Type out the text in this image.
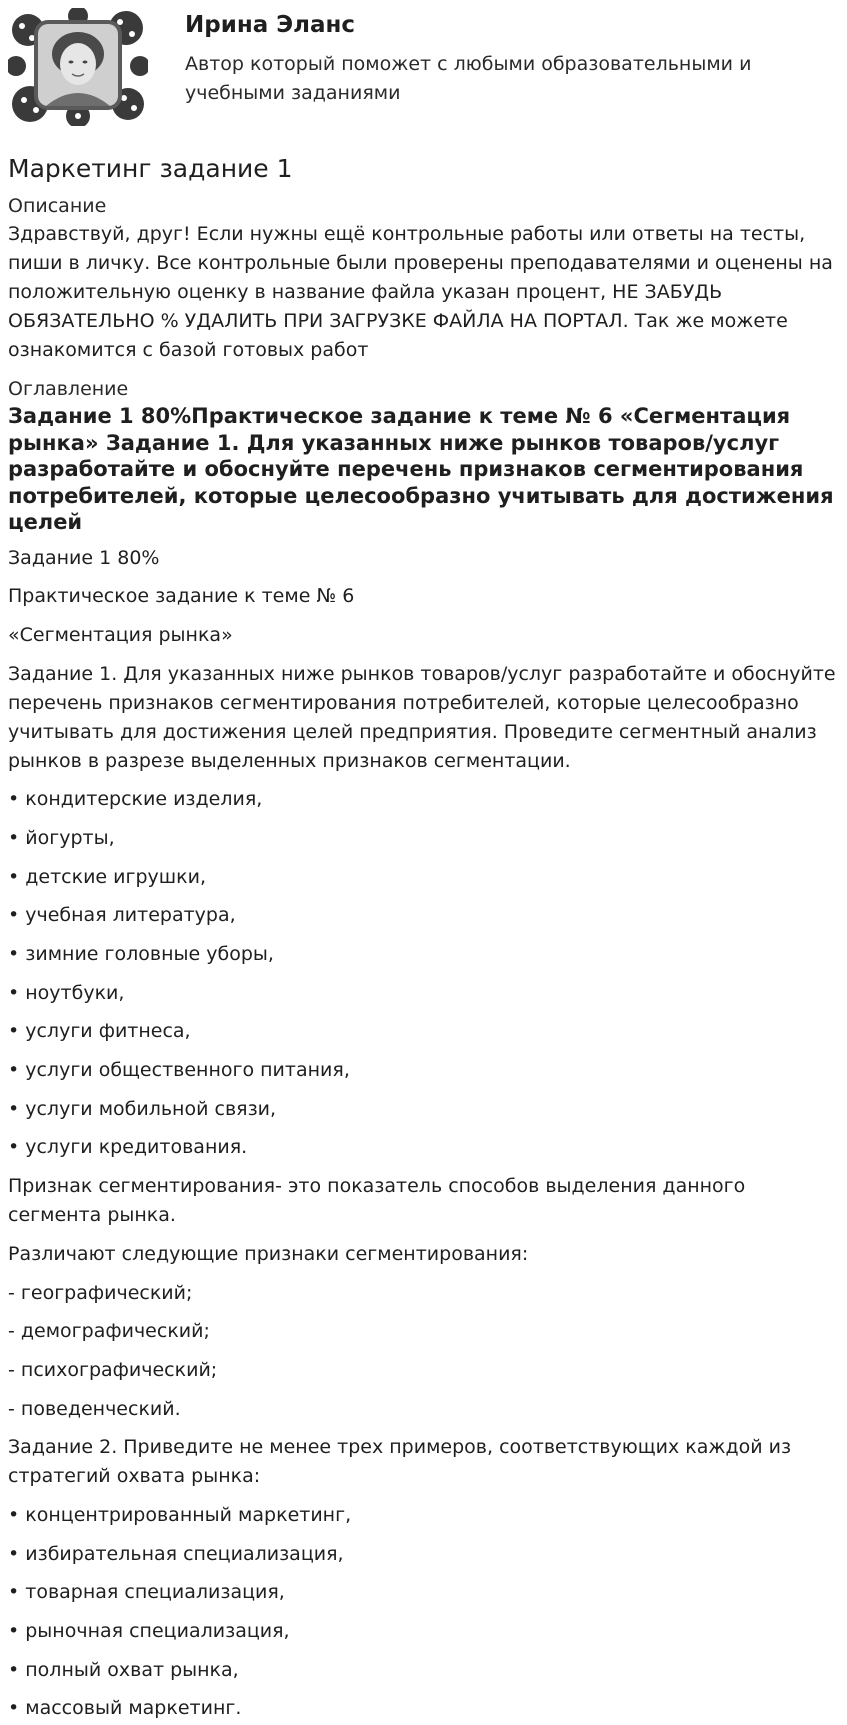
Ирина Эланс
Автор который поможет с любыми образовательными и учебными заданиями
Маркетинг задание 1

Описание

Здравствуй, друг! Если нужны ещё контрольные работы или ответы на тесты, пиши в личку. Все контрольные были проверены преподавателями и оценены на положительную оценку в название файла указан процент, НЕ ЗАБУДЬ ОБЯЗАТЕЛЬНО % УДАЛИТЬ ПРИ ЗАГРУЗКЕ ФАЙЛА НА ПОРТАЛ. Так же можете ознакомится с базой готовых работ

Оглавление

Задание 1 80%Практическое задание к теме № 6 «Сегментация рынка» Задание 1. Для указанных ниже рынков товаров/услуг разработайте и обоснуйте перечень признаков сегментирования потребителей, которые целесообразно учитывать для достижения целей

Задание 1 80%

Практическое задание к теме № 6

«Сегментация рынка»

Задание 1. Для указанных ниже рынков товаров/услуг разработайте и обоснуйте перечень признаков сегментирования потребителей, которые целесообразно учитывать для достижения целей предприятия. Проведите сегментный анализ рынков в разрезе выделенных признаков сегментации.

• кондитерские изделия,

• йогурты,

• детские игрушки,

• учебная литература,

• зимние головные уборы,

• ноутбуки,

• услуги фитнеса,

• услуги общественного питания,

• услуги мобильной связи,

• услуги кредитования.

Признак сегментирования- это показатель способов выделения данного сегмента рынка.

Различают следующие признаки сегментирования:

- географический;

- демографический;

- психографический;

- поведенческий.

Задание 2. Приведите не менее трех примеров, соответствующих каждой из стратегий охвата рынка:

• концентрированный маркетинг,

• избирательная специализация,

• товарная специализация,

• рыночная специализация,

• полный охват рынка,

• массовый маркетинг.
